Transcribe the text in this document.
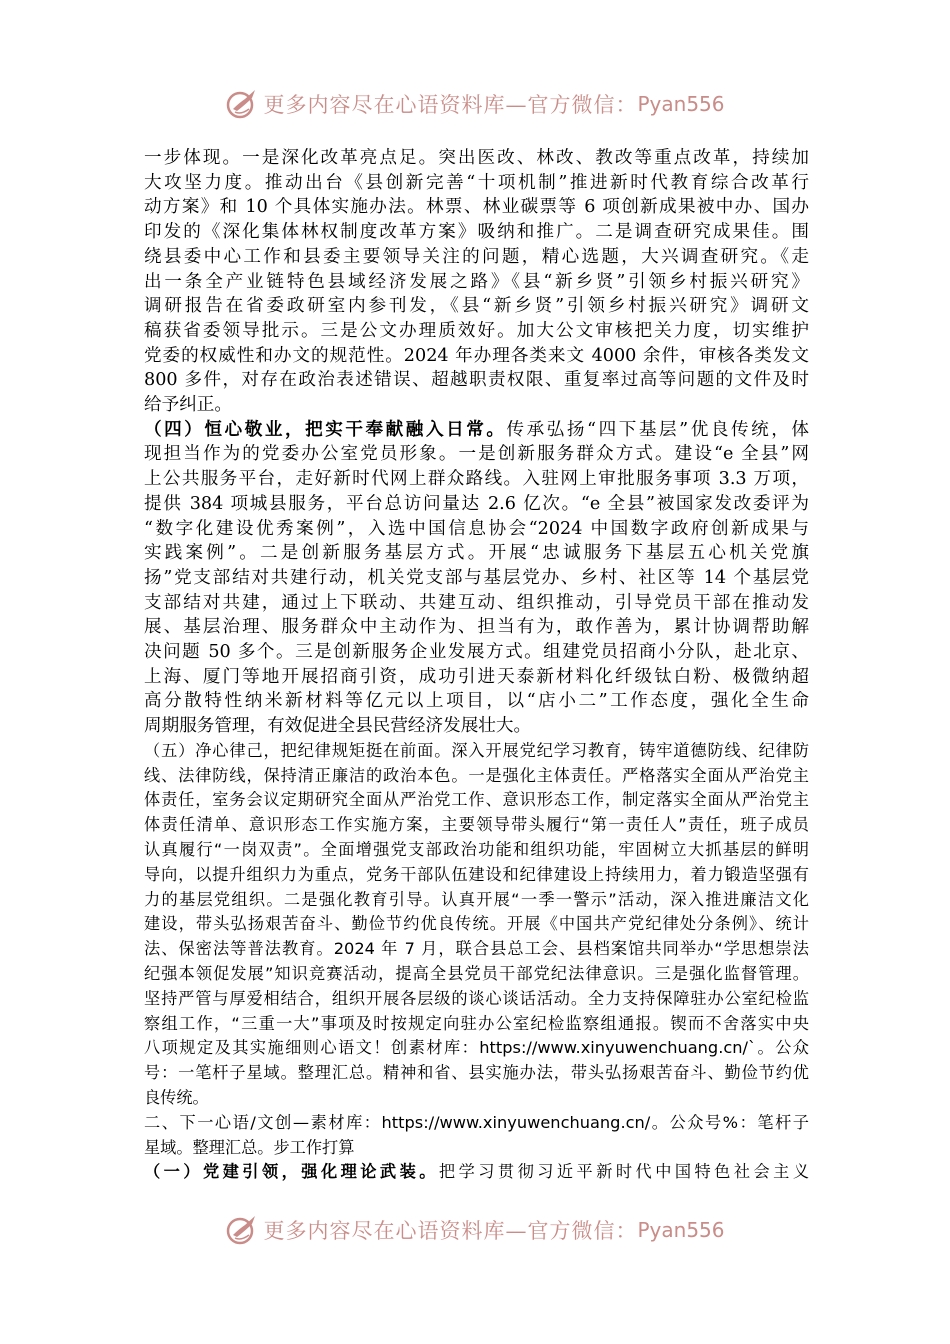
更多内容尽在心语资料库—官方微信： Pyan556
一步体现。一是深化改革亮点足。突出医改、林改、教改等重点改革，持续加
大攻坚力度。推动出台《县创新完善“十项机制”推进新时代教育综合改革行
动方案》和 10 个具体实施办法。林票、林业碳票等 6 项创新成果被中办、国办
印发的《深化集体林权制度改革方案》吸纳和推广。二是调查研究成果佳。围
绕县委中心工作和县委主要领导关注的问题，精心选题，大兴调查研究。《走
出一条全产业链特色县域经济发展之路》《县“新乡贤”引领乡村振兴研究》
调研报告在省委政研室内参刊发，《县“新乡贤”引领乡村振兴研究》调研文
稿获省委领导批示。三是公文办理质效好。加大公文审核把关力度，切实维护
党委的权威性和办文的规范性。2024 年办理各类来文 4000 余件，审核各类发文
800 多件，对存在政治表述错误、超越职责权限、重复率过高等问题的文件及时
给予纠正。
（四）恒心敬业，把实干奉献融入日常。传承弘扬“四下基层”优良传统，体
现担当作为的党委办公室党员形象。一是创新服务群众方式。建设“e 全县”网
上公共服务平台，走好新时代网上群众路线。入驻网上审批服务事项 3.3 万项，
提供 384 项城县服务，平台总访问量达 2.6 亿次。“e 全县”被国家发改委评为
“数字化建设优秀案例”，入选中国信息协会“2024 中国数字政府创新成果与
实践案例”。二是创新服务基层方式。开展“忠诚服务下基层五心机关党旗
扬”党支部结对共建行动，机关党支部与基层党办、乡村、社区等 14 个基层党
支部结对共建，通过上下联动、共建互动、组织推动，引导党员干部在推动发
展、基层治理、服务群众中主动作为、担当有为，敢作善为，累计协调帮助解
决问题 50 多个。三是创新服务企业发展方式。组建党员招商小分队，赴北京、
上海、厦门等地开展招商引资，成功引进天泰新材料化纤级钛白粉、极微纳超
高分散特性纳米新材料等亿元以上项目，以“店小二”工作态度，强化全生命
周期服务管理，有效促进全县民营经济发展壮大。
（五）净心律己，把纪律规矩挺在前面。深入开展党纪学习教育，铸牢道德防线、纪律防
线、法律防线，保持清正廉洁的政治本色。一是强化主体责任。严格落实全面从严治党主
体责任，室务会议定期研究全面从严治党工作、意识形态工作，制定落实全面从严治党主
体责任清单、意识形态工作实施方案，主要领导带头履行“第一责任人”责任，班子成员
认真履行“一岗双责”。全面增强党支部政治功能和组织功能，牢固树立大抓基层的鲜明
导向，以提升组织力为重点，党务干部队伍建设和纪律建设上持续用力，着力锻造坚强有
力的基层党组织。二是强化教育引导。认真开展“一季一警示”活动，深入推进廉洁文化
建设，带头弘扬艰苦奋斗、勤俭节约优良传统。开展《中国共产党纪律处分条例》、统计
法、保密法等普法教育。2024 年 7 月，联合县总工会、县档案馆共同举办“学思想崇法
纪强本领促发展”知识竞赛活动，提高全县党员干部党纪法律意识。三是强化监督管理。
坚持严管与厚爱相结合，组织开展各层级的谈心谈话活动。全力支持保障驻办公室纪检监
察组工作，“三重一大”事项及时按规定向驻办公室纪检监察组通报。锲而不舍落实中央
八项规定及其实施细则心语文！创素材库：https://www.xinyuwenchuang.cn/`。公众
号：一笔杆子星域。整理汇总。精神和省、县实施办法，带头弘扬艰苦奋斗、勤俭节约优
良传统。
二、下一心语/文创—素材库：https://www.xinyuwenchuang.cn/。公众号%：笔杆子
星域。整理汇总。步工作打算
（一）党建引领，强化理论武装。把学习贯彻习近平新时代中国特色社会主义
更多内容尽在心语资料库—官方微信： Pyan556
